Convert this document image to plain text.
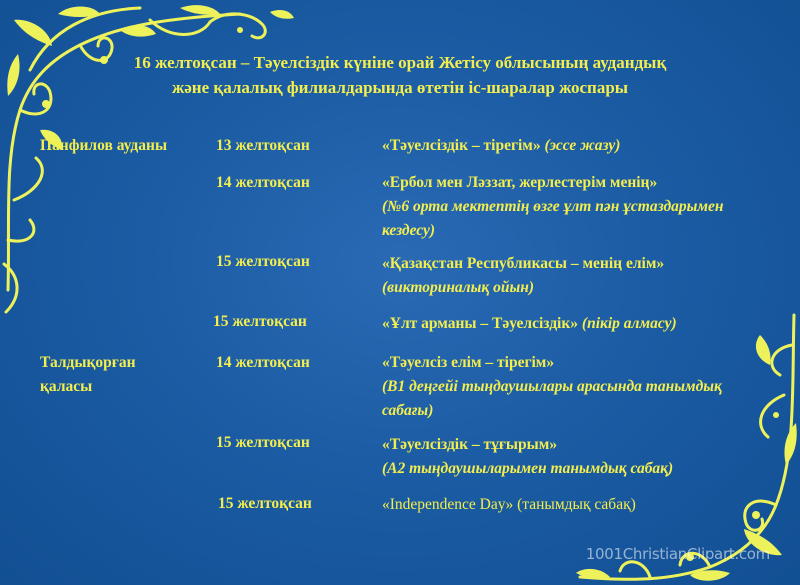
16 желтоқсан – Тәуелсіздік күніне орай Жетісу облысының аудандық
және қалалық филиалдарында өтетін іс-шаралар жоспары
Панфилов ауданы	13 желтоқсан	«Тәуелсіздік – тірегім» (эссе жазу)
14 желтоқсан	«Ербол мен Ләззат, жерлестерім менің»
(№6 орта мектептің өзге ұлт пән ұстаздарымен кездесу)
15 желтоқсан	«Қазақстан Республикасы – менің елім»
(викториналық ойын)
15 желтоқсан	«Ұлт арманы – Тәуелсіздік» (пікір алмасу)
Талдықорған қаласы
14 желтоқсан	«Тәуелсіз елім – тірегім»
(В1 деңгейі тыңдаушылары арасында танымдық сабағы)
15 желтоқсан	«Тәуелсіздік – тұғырым»
(А2 тыңдаушыларымен танымдық сабақ)
15 желтоқсан	«Independence Day» (танымдық сабақ)
1001ChristianClipart.com
